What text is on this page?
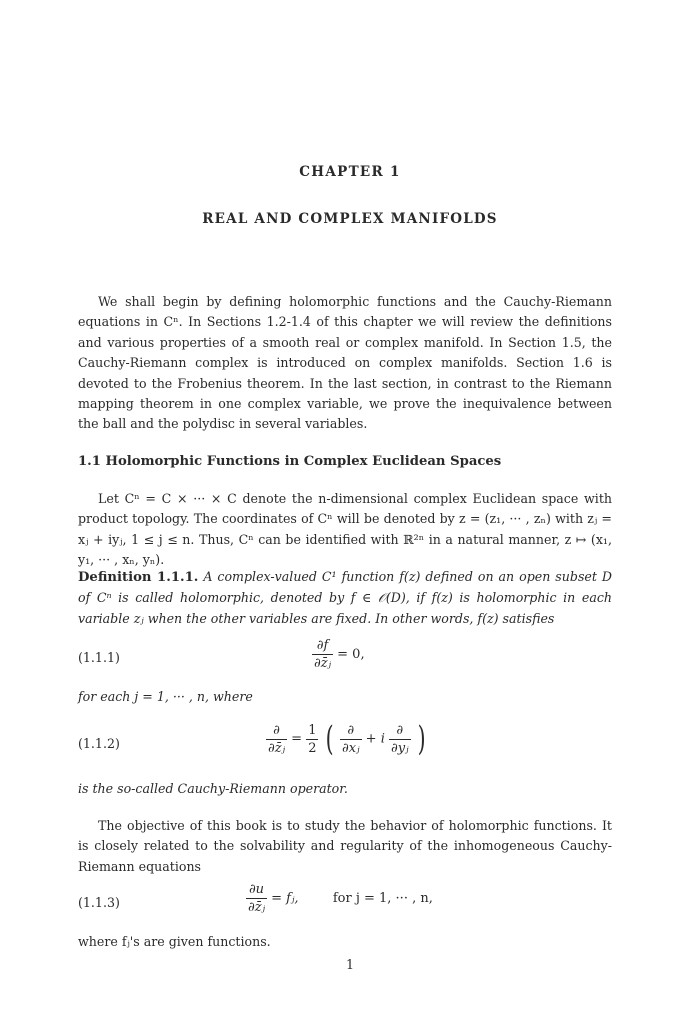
CHAPTER 1
REAL AND COMPLEX MANIFOLDS
We shall begin by defining holomorphic functions and the Cauchy-Riemann equations in Cⁿ. In Sections 1.2-1.4 of this chapter we will review the definitions and various properties of a smooth real or complex manifold. In Section 1.5, the Cauchy-Riemann complex is introduced on complex manifolds. Section 1.6 is devoted to the Frobenius theorem. In the last section, in contrast to the Riemann mapping theorem in one complex variable, we prove the inequivalence between the ball and the polydisc in several variables.
1.1 Holomorphic Functions in Complex Euclidean Spaces
Let Cⁿ = C × ··· × C denote the n-dimensional complex Euclidean space with product topology. The coordinates of Cⁿ will be denoted by z = (z₁, ··· , zₙ) with zⱼ = xⱼ + iyⱼ, 1 ≤ j ≤ n. Thus, Cⁿ can be identified with ℝ²ⁿ in a natural manner, z ↦ (x₁, y₁, ··· , xₙ, yₙ).
Definition 1.1.1. A complex-valued C¹ function f(z) defined on an open subset D of Cⁿ is called holomorphic, denoted by f ∈ 𝒪(D), if f(z) is holomorphic in each variable zⱼ when the other variables are fixed. In other words, f(z) satisfies
(1.1.1)	$\frac{\partial f}{\text{∂z̄ⱼ}} = 0$,
for each j = 1, ··· , n, where
(1.1.2)	$\frac{\partial}{\text{∂z̄ⱼ}} = \frac{1}{2}$ ( $\frac{\partial}{\text{∂xⱼ}} + i \frac{\partial}{\text{∂yⱼ}}$ )
is the so-called Cauchy-Riemann operator.
The objective of this book is to study the behavior of holomorphic functions. It is closely related to the solvability and regularity of the inhomogeneous Cauchy-Riemann equations
(1.1.3)	$\frac{\partial u}{\text{∂z̄ⱼ}}$ = fⱼ,	for j = 1, ··· , n,
where fⱼ's are given functions.
1
